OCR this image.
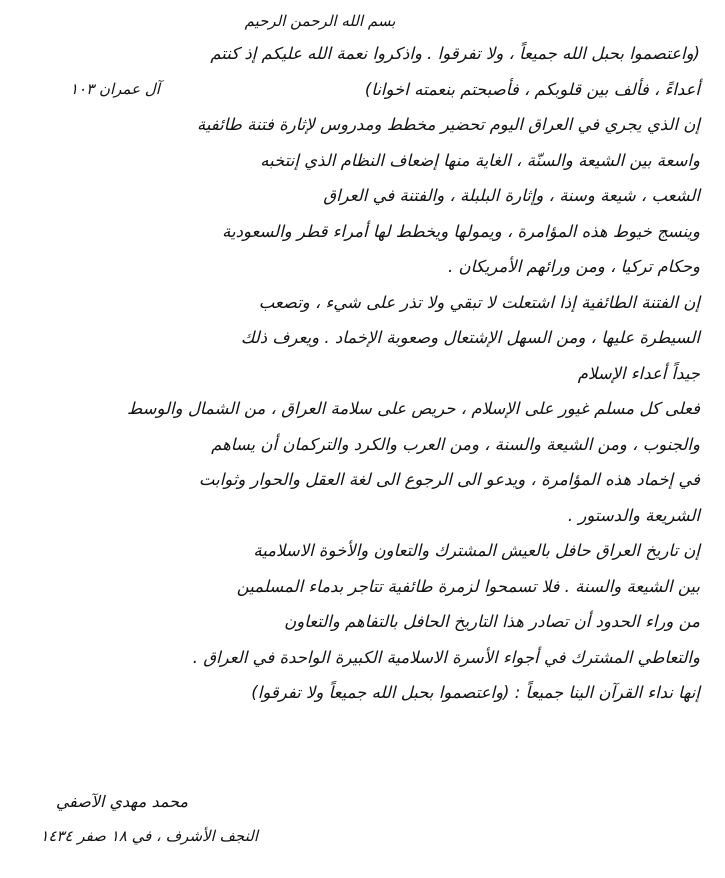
بسم الله الرحمن الرحيم
(واعتصموا بحبل الله جميعاً ، ولا تفرقوا . واذكروا نعمة الله عليكم إذ كنتم
أعداءً ، فألف بين قلوبكم ، فأصبحتم بنعمته اخوانا)
آل عمران ١٠٣
إن الذي يجري في العراق اليوم تحضير مخطط ومدروس لإثارة فتنة طائفية
واسعة بين الشيعة والسنّة ، الغاية منها إضعاف النظام الذي إنتخبه
الشعب ، شيعة وسنة ، وإثارة البلبلة ، والفتنة في العراق
وينسج خيوط هذه المؤامرة ، ويمولها ويخطط لها أمراء قطر والسعودية
وحكام تركيا ، ومن ورائهم الأمريكان .
إن الفتنة الطائفية إذا اشتعلت لا تبقي ولا تذر على شيء ، وتصعب
السيطرة عليها ، ومن السهل الإشتعال وصعوبة الإخماد . ويعرف ذلك
جيداً أعداء الإسلام
فعلى كل مسلم غيور على الإسلام ، حريص على سلامة العراق ، من الشمال والوسط
والجنوب ، ومن الشيعة والسنة ، ومن العرب والكرد والتركمان أن يساهم
في إخماد هذه المؤامرة ، ويدعو الى الرجوع الى لغة العقل والحوار وثوابت
الشريعة والدستور .
إن تاريخ العراق حافل بالعيش المشترك والتعاون والأخوة الاسلامية
بين الشيعة والسنة . فلا تسمحوا لزمرة طائفية تتاجر بدماء المسلمين
من وراء الحدود أن تصادر هذا التاريخ الحافل بالتفاهم والتعاون
والتعاطي المشترك في أجواء الأسرة الاسلامية الكبيرة الواحدة في العراق .
إنها نداء القرآن الينا جميعاً : (واعتصموا بحبل الله جميعاً ولا تفرقوا)
محمد مهدي الآصفي
النجف الأشرف ، في ١٨ صفر ١٤٣٤
